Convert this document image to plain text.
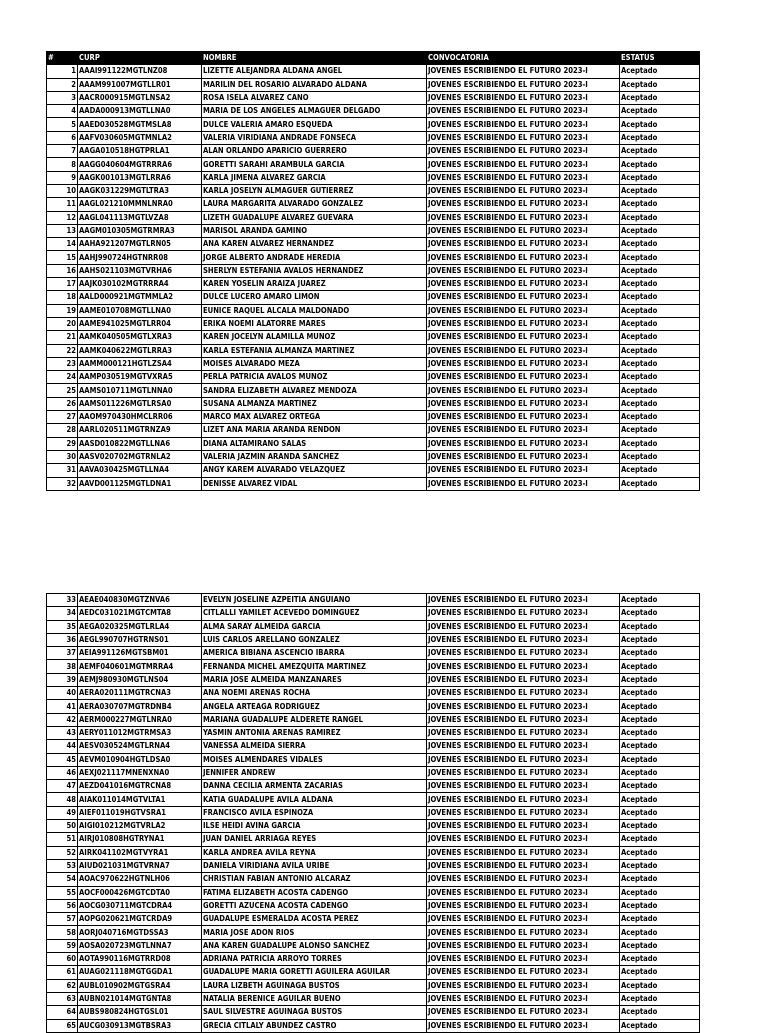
#	CURP	NOMBRE	CONVOCATORIA	ESTATUS
1	AAAI991122MGTLNZ08	LIZETTE ALEJANDRA ALDANA ANGEL	JOVENES ESCRIBIENDO EL FUTURO 2023-I	Aceptado
2	AAAM991007MGTLLR01	MARILIN DEL ROSARIO ALVARADO ALDANA	JOVENES ESCRIBIENDO EL FUTURO 2023-I	Aceptado
3	AACR000915MGTLNSA2	ROSA ISELA ALVAREZ CANO	JOVENES ESCRIBIENDO EL FUTURO 2023-I	Aceptado
4	AADA000913MGTLLNA0	MARIA DE LOS ANGELES ALMAGUER DELGADO	JOVENES ESCRIBIENDO EL FUTURO 2023-I	Aceptado
5	AAED030528MGTMSLA8	DULCE VALERIA AMARO ESQUEDA	JOVENES ESCRIBIENDO EL FUTURO 2023-I	Aceptado
6	AAFV030605MGTMNLA2	VALERIA VIRIDIANA ANDRADE FONSECA	JOVENES ESCRIBIENDO EL FUTURO 2023-I	Aceptado
7	AAGA010518HGTPRLA1	ALAN ORLANDO APARICIO GUERRERO	JOVENES ESCRIBIENDO EL FUTURO 2023-I	Aceptado
8	AAGG040604MGTRRRA6	GORETTI SARAHI ARAMBULA GARCIA	JOVENES ESCRIBIENDO EL FUTURO 2023-I	Aceptado
9	AAGK001013MGTLRRA6	KARLA JIMENA ALVAREZ GARCIA	JOVENES ESCRIBIENDO EL FUTURO 2023-I	Aceptado
10	AAGK031229MGTLTRA3	KARLA JOSELYN ALMAGUER GUTIERREZ	JOVENES ESCRIBIENDO EL FUTURO 2023-I	Aceptado
11	AAGL021210MMNLNRA0	LAURA MARGARITA ALVARADO GONZALEZ	JOVENES ESCRIBIENDO EL FUTURO 2023-I	Aceptado
12	AAGL041113MGTLVZA8	LIZETH GUADALUPE ALVAREZ GUEVARA	JOVENES ESCRIBIENDO EL FUTURO 2023-I	Aceptado
13	AAGM010305MGTRMRA3	MARISOL ARANDA GAMINO	JOVENES ESCRIBIENDO EL FUTURO 2023-I	Aceptado
14	AAHA921207MGTLRN05	ANA KAREN ALVAREZ HERNANDEZ	JOVENES ESCRIBIENDO EL FUTURO 2023-I	Aceptado
15	AAHJ990724HGTNRR08	JORGE ALBERTO ANDRADE HEREDIA	JOVENES ESCRIBIENDO EL FUTURO 2023-I	Aceptado
16	AAHS021103MGTVRHA6	SHERLYN ESTEFANIA AVALOS HERNANDEZ	JOVENES ESCRIBIENDO EL FUTURO 2023-I	Aceptado
17	AAJK030102MGTRRRA4	KAREN YOSELIN ARAIZA JUAREZ	JOVENES ESCRIBIENDO EL FUTURO 2023-I	Aceptado
18	AALD000921MGTMMLA2	DULCE LUCERO AMARO LIMON	JOVENES ESCRIBIENDO EL FUTURO 2023-I	Aceptado
19	AAME010708MGTLLNA0	EUNICE RAQUEL ALCALA MALDONADO	JOVENES ESCRIBIENDO EL FUTURO 2023-I	Aceptado
20	AAME941025MGTLRR04	ERIKA NOEMI ALATORRE MARES	JOVENES ESCRIBIENDO EL FUTURO 2023-I	Aceptado
21	AAMK040505MGTLXRA3	KAREN JOCELYN ALAMILLA MUNOZ	JOVENES ESCRIBIENDO EL FUTURO 2023-I	Aceptado
22	AAMK040622MGTLRRA3	KARLA ESTEFANIA ALMANZA MARTINEZ	JOVENES ESCRIBIENDO EL FUTURO 2023-I	Aceptado
23	AAMM000121HGTLZSA4	MOISES ALVARADO MEZA	JOVENES ESCRIBIENDO EL FUTURO 2023-I	Aceptado
24	AAMP030519MGTVXRA5	PERLA PATRICIA AVALOS MUNOZ	JOVENES ESCRIBIENDO EL FUTURO 2023-I	Aceptado
25	AAMS010711MGTLNNA0	SANDRA ELIZABETH ALVAREZ MENDOZA	JOVENES ESCRIBIENDO EL FUTURO 2023-I	Aceptado
26	AAMS011226MGTLRSA0	SUSANA ALMANZA MARTINEZ	JOVENES ESCRIBIENDO EL FUTURO 2023-I	Aceptado
27	AAOM970430HMCLRR06	MARCO MAX ALVAREZ ORTEGA	JOVENES ESCRIBIENDO EL FUTURO 2023-I	Aceptado
28	AARL020511MGTRNZA9	LIZET ANA MARIA ARANDA RENDON	JOVENES ESCRIBIENDO EL FUTURO 2023-I	Aceptado
29	AASD010822MGTLLNA6	DIANA ALTAMIRANO SALAS	JOVENES ESCRIBIENDO EL FUTURO 2023-I	Aceptado
30	AASV020702MGTRNLA2	VALERIA JAZMIN ARANDA SANCHEZ	JOVENES ESCRIBIENDO EL FUTURO 2023-I	Aceptado
31	AAVA030425MGTLLNA4	ANGY KAREM ALVARADO VELAZQUEZ	JOVENES ESCRIBIENDO EL FUTURO 2023-I	Aceptado
32	AAVD001125MGTLDNA1	DENISSE ALVAREZ VIDAL	JOVENES ESCRIBIENDO EL FUTURO 2023-I	Aceptado
33	AEAE040830MGTZNVA6	EVELYN JOSELINE AZPEITIA ANGUIANO	JOVENES ESCRIBIENDO EL FUTURO 2023-I	Aceptado
34	AEDC031021MGTCMTA8	CITLALLI YAMILET ACEVEDO DOMINGUEZ	JOVENES ESCRIBIENDO EL FUTURO 2023-I	Aceptado
35	AEGA020325MGTLRLA4	ALMA SARAY ALMEIDA GARCIA	JOVENES ESCRIBIENDO EL FUTURO 2023-I	Aceptado
36	AEGL990707HGTRNS01	LUIS CARLOS ARELLANO GONZALEZ	JOVENES ESCRIBIENDO EL FUTURO 2023-I	Aceptado
37	AEIA991126MGTSBM01	AMERICA BIBIANA ASCENCIO IBARRA	JOVENES ESCRIBIENDO EL FUTURO 2023-I	Aceptado
38	AEMF040601MGTMRRA4	FERNANDA MICHEL AMEZQUITA MARTINEZ	JOVENES ESCRIBIENDO EL FUTURO 2023-I	Aceptado
39	AEMJ980930MGTLNS04	MARIA JOSE ALMEIDA MANZANARES	JOVENES ESCRIBIENDO EL FUTURO 2023-I	Aceptado
40	AERA020111MGTRCNA3	ANA NOEMI ARENAS ROCHA	JOVENES ESCRIBIENDO EL FUTURO 2023-I	Aceptado
41	AERA030707MGTRDNB4	ANGELA ARTEAGA RODRIGUEZ	JOVENES ESCRIBIENDO EL FUTURO 2023-I	Aceptado
42	AERM000227MGTLNRA0	MARIANA GUADALUPE ALDERETE RANGEL	JOVENES ESCRIBIENDO EL FUTURO 2023-I	Aceptado
43	AERY011012MGTRMSA3	YASMIN ANTONIA ARENAS RAMIREZ	JOVENES ESCRIBIENDO EL FUTURO 2023-I	Aceptado
44	AESV030524MGTLRNA4	VANESSA ALMEIDA SIERRA	JOVENES ESCRIBIENDO EL FUTURO 2023-I	Aceptado
45	AEVM010904HGTLDSA0	MOISES ALMENDARES VIDALES	JOVENES ESCRIBIENDO EL FUTURO 2023-I	Aceptado
46	AEXJ021117MNENXNA0	JENNIFER ANDREW	JOVENES ESCRIBIENDO EL FUTURO 2023-I	Aceptado
47	AEZD041016MGTRCNA8	DANNA CECILIA ARMENTA ZACARIAS	JOVENES ESCRIBIENDO EL FUTURO 2023-I	Aceptado
48	AIAK011014MGTVLTA1	KATIA GUADALUPE AVILA ALDANA	JOVENES ESCRIBIENDO EL FUTURO 2023-I	Aceptado
49	AIEF011019HGTVSRA1	FRANCISCO AVILA ESPINOZA	JOVENES ESCRIBIENDO EL FUTURO 2023-I	Aceptado
50	AIGI010212MGTVRLA2	ILSE HEIDI AVINA GARCIA	JOVENES ESCRIBIENDO EL FUTURO 2023-I	Aceptado
51	AIRJ010808HGTRYNA1	JUAN DANIEL ARRIAGA REYES	JOVENES ESCRIBIENDO EL FUTURO 2023-I	Aceptado
52	AIRK041102MGTVYRA1	KARLA ANDREA AVILA REYNA	JOVENES ESCRIBIENDO EL FUTURO 2023-I	Aceptado
53	AIUD021031MGTVRNA7	DANIELA VIRIDIANA AVILA URIBE	JOVENES ESCRIBIENDO EL FUTURO 2023-I	Aceptado
54	AOAC970622HGTNLH06	CHRISTIAN FABIAN ANTONIO ALCARAZ	JOVENES ESCRIBIENDO EL FUTURO 2023-I	Aceptado
55	AOCF000426MGTCDTA0	FATIMA ELIZABETH ACOSTA CADENGO	JOVENES ESCRIBIENDO EL FUTURO 2023-I	Aceptado
56	AOCG030711MGTCDRA4	GORETTI AZUCENA ACOSTA CADENGO	JOVENES ESCRIBIENDO EL FUTURO 2023-I	Aceptado
57	AOPG020621MGTCRDA9	GUADALUPE ESMERALDA ACOSTA PEREZ	JOVENES ESCRIBIENDO EL FUTURO 2023-I	Aceptado
58	AORJ040716MGTDSSA3	MARIA JOSE ADON RIOS	JOVENES ESCRIBIENDO EL FUTURO 2023-I	Aceptado
59	AOSA020723MGTLNNA7	ANA KAREN GUADALUPE ALONSO SANCHEZ	JOVENES ESCRIBIENDO EL FUTURO 2023-I	Aceptado
60	AOTA990116MGTRRD08	ADRIANA PATRICIA ARROYO TORRES	JOVENES ESCRIBIENDO EL FUTURO 2023-I	Aceptado
61	AUAG021118MGTGGDA1	GUADALUPE MARIA GORETTI AGUILERA AGUILAR	JOVENES ESCRIBIENDO EL FUTURO 2023-I	Aceptado
62	AUBL010902MGTGSRA4	LAURA LIZBETH AGUINAGA BUSTOS	JOVENES ESCRIBIENDO EL FUTURO 2023-I	Aceptado
63	AUBN021014MGTGNTA8	NATALIA BERENICE AGUILAR BUENO	JOVENES ESCRIBIENDO EL FUTURO 2023-I	Aceptado
64	AUBS980824HGTGSL01	SAUL SILVESTRE AGUINAGA BUSTOS	JOVENES ESCRIBIENDO EL FUTURO 2023-I	Aceptado
65	AUCG030913MGTBSRA3	GRECIA CITLALY ABUNDEZ CASTRO	JOVENES ESCRIBIENDO EL FUTURO 2023-I	Aceptado
